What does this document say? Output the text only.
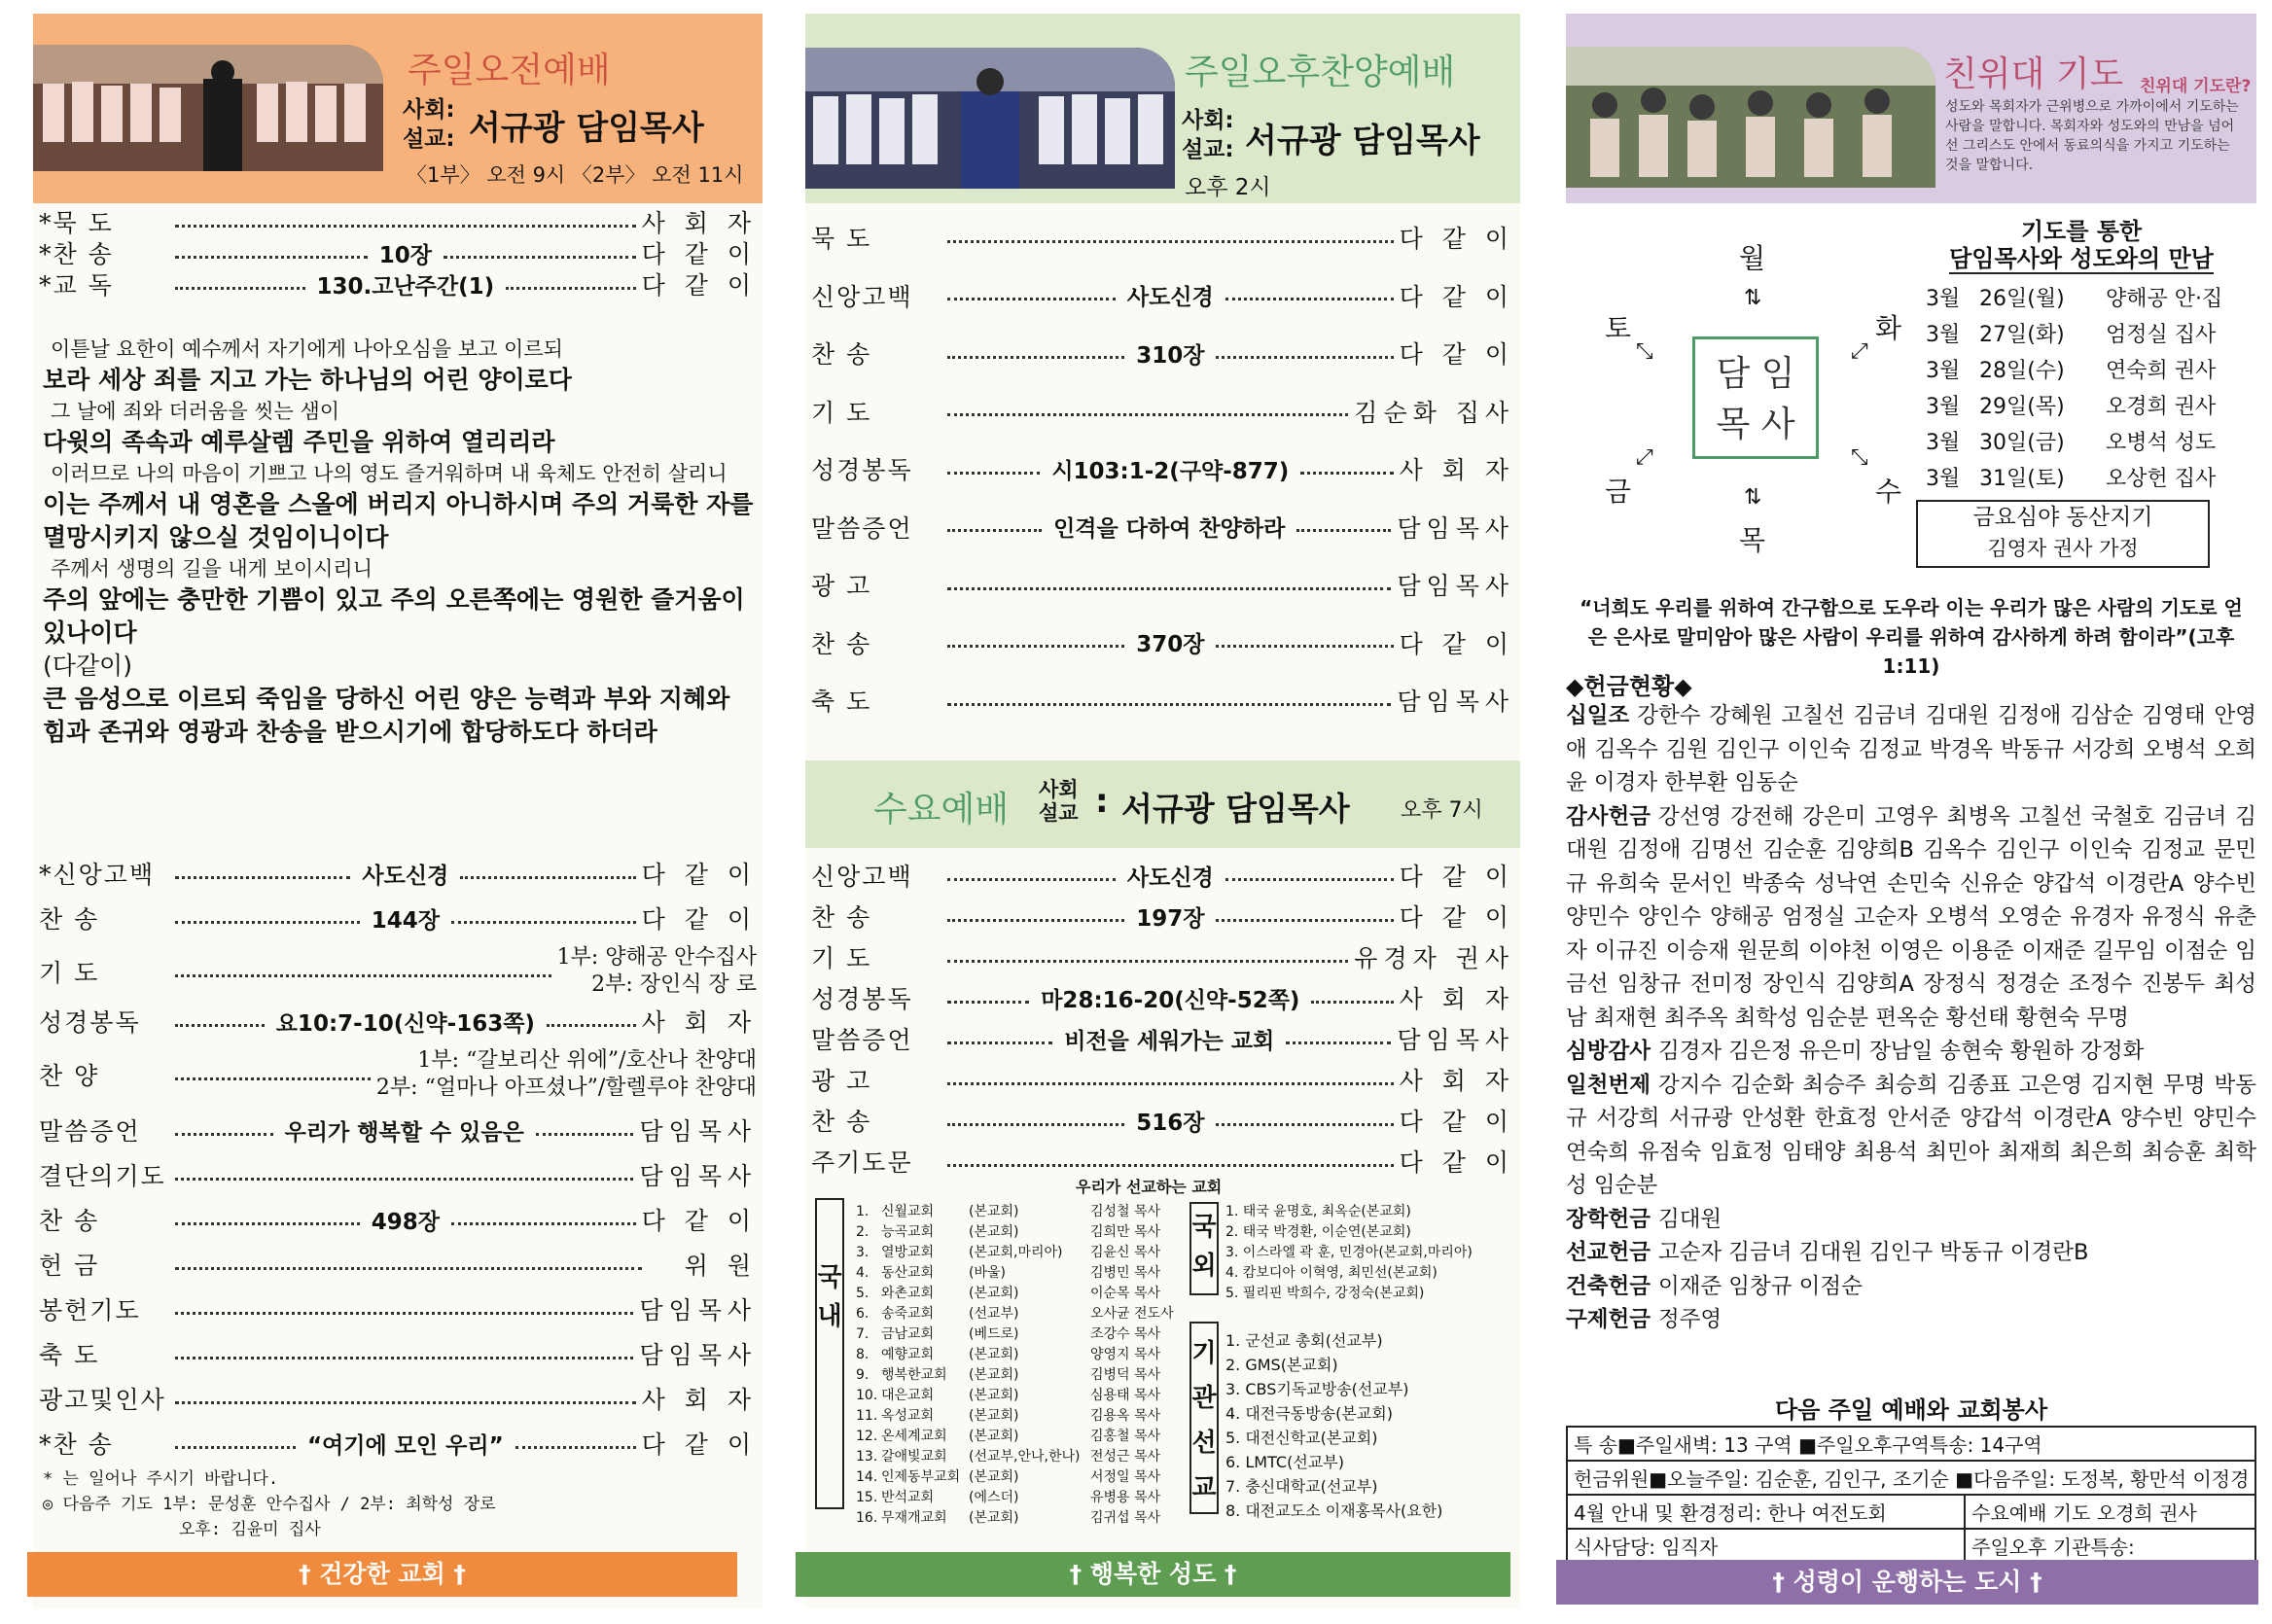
주일오전예배
사회:
설교: 서규광 담임목사
〈1부〉 오전 9시 〈2부〉 오전 11시
*묵 도	사 회 자
*찬 송	10장	다 같 이
*교 독	130.고난주간(1)	다 같 이
이튿날 요한이 예수께서 자기에게 나아오심을 보고 이르되
보라 세상 죄를 지고 가는 하나님의 어린 양이로다
그 날에 죄와 더러움을 씻는 샘이
다윗의 족속과 예루살렘 주민을 위하여 열리리라
이러므로 나의 마음이 기쁘고 나의 영도 즐거워하며 내 육체도 안전히 살리니
이는 주께서 내 영혼을 스올에 버리지 아니하시며 주의 거룩한 자를 멸망시키지 않으실 것임이니이다
주께서 생명의 길을 내게 보이시리니
주의 앞에는 충만한 기쁨이 있고 주의 오른쪽에는 영원한 즐거움이 있나이다
(다같이)
큰 음성으로 이르되 죽임을 당하신 어린 양은 능력과 부와 지혜와 힘과 존귀와 영광과 찬송을 받으시기에 합당하도다 하더라
*신앙고백	사도신경	다 같 이
찬 송	144장	다 같 이
기 도
1부: 양해공 안수집사
2부: 장인식 장 로
성경봉독	요10:7-10(신약-163쪽)	사 회 자
찬 양
1부: “갈보리산 위에”/호산나 찬양대
2부: “얼마나 아프셨나”/할렐루야 찬양대
말씀증언	우리가 행복할 수 있음은	담임목사
결단의기도	담임목사
찬 송	498장	다 같 이
헌 금	위 원
봉헌기도	담임목사
축 도	담임목사
광고및인사	사 회 자
*찬 송	“여기에 모인 우리”	다 같 이
* 는 일어나 주시기 바랍니다.
◎ 다음주 기도 1부: 문성훈 안수집사 / 2부: 최학성 장로
오후: 김윤미 집사
† 건강한 교회 †
주일오후찬양예배
사회:
설교: 서규광 담임목사
오후 2시
묵 도	다 같 이
신앙고백	사도신경	다 같 이
찬 송	310장	다 같 이
기 도	김순화 집사
성경봉독	시103:1-2(구약-877)	사 회 자
말씀증언	인격을 다하여 찬양하라	담임목사
광 고	담임목사
찬 송	370장	다 같 이
축 도	담임목사
수요예배 사회
설교 : 서규광 담임목사 오후 7시
신앙고백	사도신경	다 같 이
찬 송	197장	다 같 이
기 도	유경자 권사
성경봉독	마28:16-20(신약-52쪽)	사 회 자
말씀증언	비전을 세워가는 교회	담임목사
광 고	사 회 자
찬 송	516장	다 같 이
주기도문	다 같 이
우리가 선교하는 교회
국내
1. 신월교회	(본교회)	김성철 목사
2. 능곡교회	(본교회)	김희만 목사
3. 열방교회	(본교회,마리아)	김윤신 목사
4. 동산교회	(바울)	김병민 목사
5. 와촌교회	(본교회)	이순목 목사
6. 송죽교회	(선교부)	오사균 전도사
7. 금남교회	(베드로)	조강수 목사
8. 예향교회	(본교회)	양영지 목사
9. 행복한교회	(본교회)	김병덕 목사
10. 대은교회	(본교회)	심용태 목사
11. 옥성교회	(본교회)	김용옥 목사
12. 온세계교회	(본교회)	김홍철 목사
13. 갈애빛교회	(선교부,안나,한나) 전성근 목사
14. 인제동부교회 (본교회)	서정일 목사
15. 반석교회	(에스더)	유병용 목사
16. 무재개교회	(본교회)	김귀섭 목사
국외
1. 태국 윤명호, 최옥순(본교회)
2. 태국 박경환, 이순연(본교회)
3. 이스라엘 곽 훈, 민경아(본교회,마리아)
4. 캄보디아 이혁영, 최민선(본교회)
5. 필리핀 박희수, 강정숙(본교회)
기관선교
1. 군선교 총회(선교부)
2. GMS(본교회)
3. CBS기독교방송(선교부)
4. 대전극동방송(본교회)
5. 대전신학교(본교회)
6. LMTC(선교부)
7. 충신대학교(선교부)
8. 대전교도소 이재홍목사(요한)
† 행복한 성도 †
친위대 기도 친위대 기도란?
성도와 목회자가 근위병으로 가까이에서 기도하는 사람을 말합니다. 목회자와 성도와의 만남을 넘어선 그리스도 안에서 동료의식을 가지고 기도하는 것을 말합니다.
월
⇅
토
⤡
화
⤢
담 임
목 사
⤢
금
⤡
수
⇅
목
기도를 통한
담임목사와 성도와의 만남
3월 26일(월)	양해공 안·집
3월 27일(화)	엄정실 집사
3월 28일(수)	연숙희 권사
3월 29일(목)	오경희 권사
3월 30일(금)	오병석 성도
3월 31일(토)	오상헌 집사
금요심야 동산지기
김영자 권사 가정
“너희도 우리를 위하여 간구함으로 도우라 이는 우리가 많은 사람의 기도로 얻은 은사로 말미암아 많은 사람이 우리를 위하여 감사하게 하려 함이라”(고후1:11)
◆헌금현황◆
십일조 강한수 강혜원 고칠선 김금녀 김대원 김정애 김삼순 김영태 안영애 김옥수 김원 김인구 이인숙 김정교 박경옥 박동규 서강희 오병석 오희윤 이경자 한부환 임동순
감사헌금 강선영 강전해 강은미 고영우 최병옥 고칠선 국철호 김금녀 김대원 김정애 김명선 김순훈 김양희B 김옥수 김인구 이인숙 김정교 문민규 유희숙 문서인 박종숙 성낙연 손민숙 신유순 양갑석 이경란A 양수빈 양민수 양인수 양해공 엄정실 고순자 오병석 오영순 유경자 유정식 유춘자 이규진 이승재 원문희 이야천 이영은 이용준 이재준 길무임 이점순 임금선 임창규 전미정 장인식 김양희A 장정식 정경순 조정수 진봉두 최성남 최재현 최주옥 최학성 임순분 편옥순 황선태 황현숙 무명
심방감사 김경자 김은정 유은미 장남일 송현숙 황원하 강정화
일천번제 강지수 김순화 최승주 최승희 김종표 고은영 김지현 무명 박동규 서강희 서규광 안성환 한효정 안서준 양갑석 이경란A 양수빈 양민수 연숙희 유점숙 임효정 임태양 최용석 최민아 최재희 최은희 최승훈 최학성 임순분
장학헌금 김대원
선교헌금 고순자 김금녀 김대원 김인구 박동규 이경란B
건축헌금 이재준 임창규 이점순
구제헌금 정주영
다음 주일 예배와 교회봉사
특 송■주일새벽: 13 구역 ■주일오후구역특송: 14구역	
헌금위원■오늘주일: 김순훈, 김인구, 조기순 ■다음주일: 도정복, 황만석 이정경	
4월 안내 및 환경정리: 한나 여전도회	수요예배 기도 오경희 권사
식사담당: 임직자	주일오후 기관특송:
† 성령이 운행하는 도시 †
